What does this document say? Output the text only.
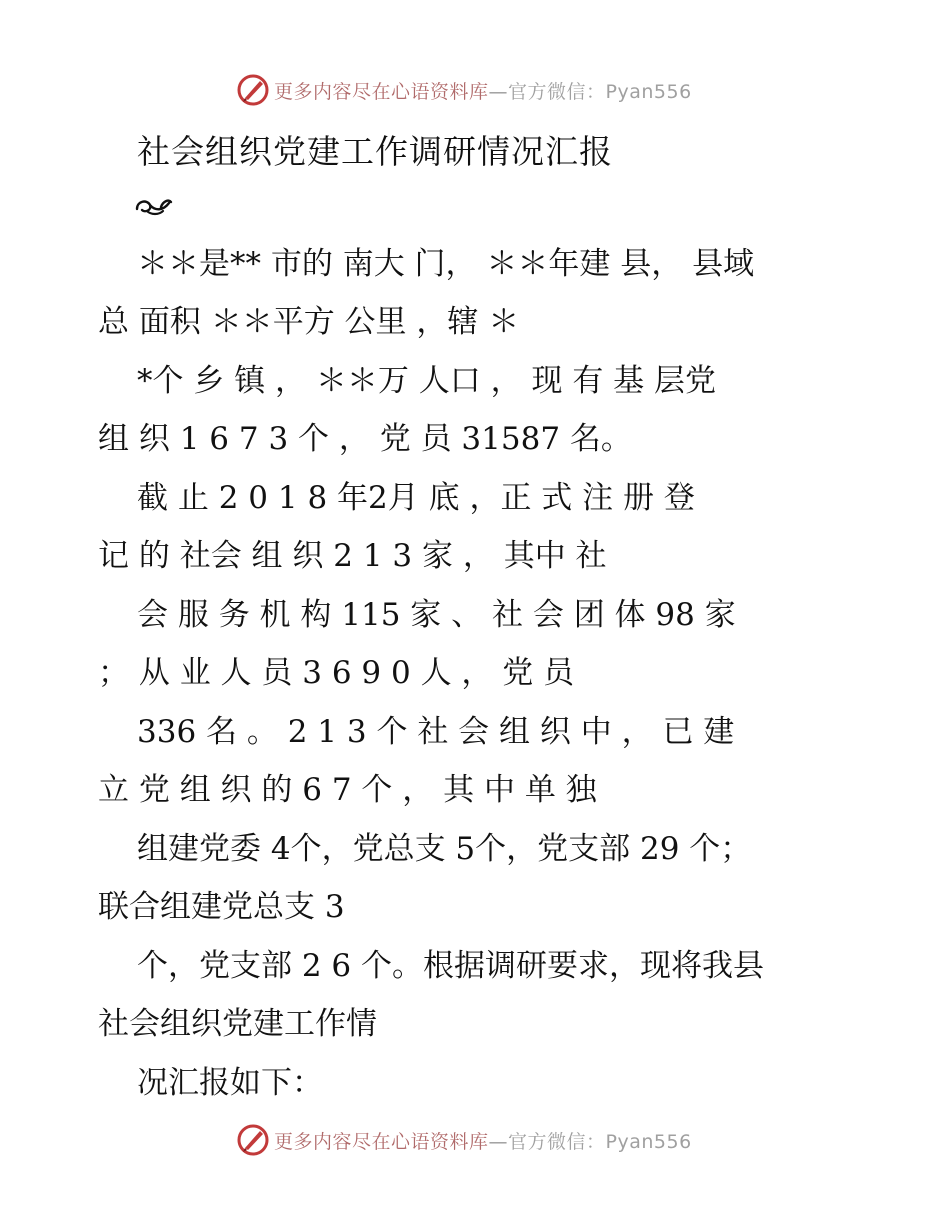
更多内容尽在心语资料库—官方微信：Pyan556
社会组织党建工作调研情况汇报
＊＊是** 市的 南大 门， ＊＊年建 县， 县域
总 面积 ＊＊平方 公里 ，辖 ＊
*个 乡 镇 ， ＊＊万 人口 ， 现 有 基 层党
组 织 1 6 7 3 个 ， 党 员 31587 名。
截 止 2 0 1 8 年2月 底 ，正 式 注 册 登
记 的 社会 组 织 2 1 3 家 ， 其中 社
会 服 务 机 构 115 家 、 社 会 团 体 98 家
； 从 业 人 员 3 6 9 0 人 ， 党 员
336 名 。 2 1 3 个 社 会 组 织 中 ， 已 建
立 党 组 织 的 6 7 个 ， 其 中 单 独
组建党委 4个，党总支 5个，党支部 29 个；
联合组建党总支 3
个，党支部 2 6 个。根据调研要求，现将我县
社会组织党建工作情
况汇报如下：
更多内容尽在心语资料库—官方微信：Pyan556
